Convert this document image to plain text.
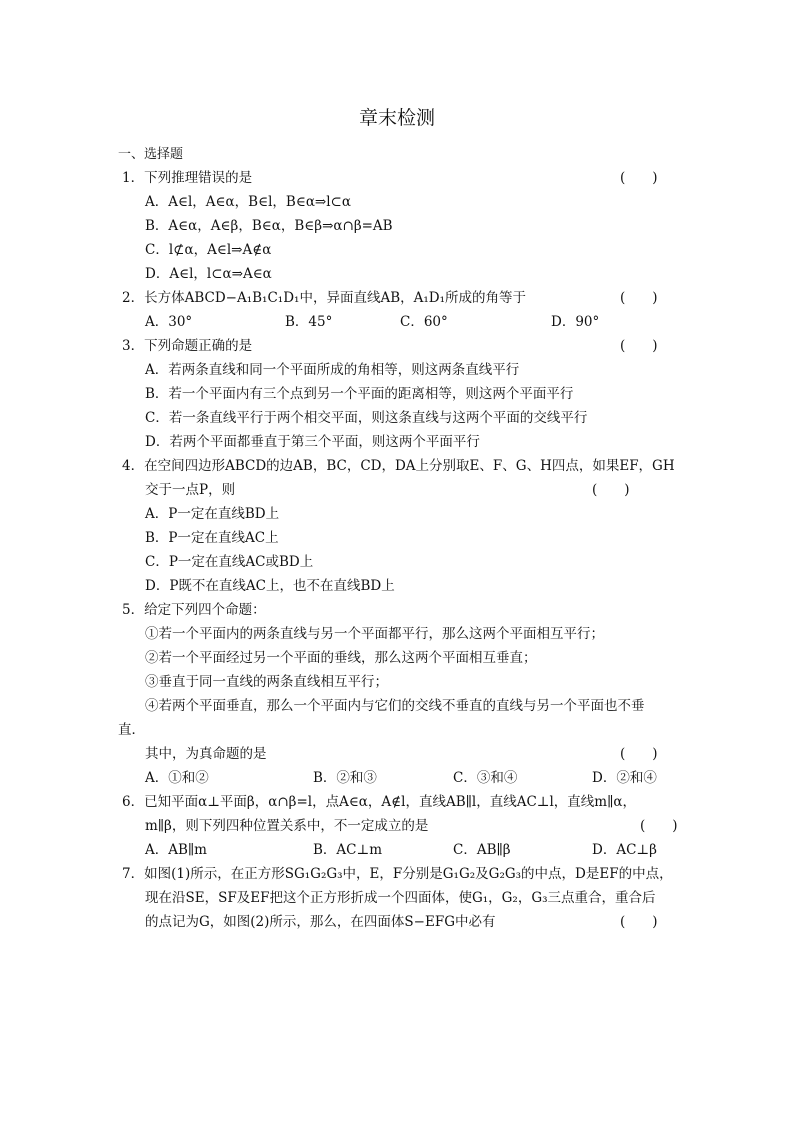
章末检测
一、选择题
1．下列推理错误的是	(　　)
A．A∈l，A∈α，B∈l，B∈α⇒l⊂α
B．A∈α，A∈β，B∈α，B∈β⇒α∩β=AB
C．l⊄α，A∈l⇒A∉α
D．A∈l，l⊂α⇒A∈α
2．长方体ABCD−A₁B₁C₁D₁中，异面直线AB，A₁D₁所成的角等于	(　　)
A．30°	B．45°	C．60°	D．90°
3．下列命题正确的是	(　　)
A．若两条直线和同一个平面所成的角相等，则这两条直线平行
B．若一个平面内有三个点到另一个平面的距离相等，则这两个平面平行
C．若一条直线平行于两个相交平面，则这条直线与这两个平面的交线平行
D．若两个平面都垂直于第三个平面，则这两个平面平行
4．在空间四边形ABCD的边AB，BC，CD，DA上分别取E、F、G、H四点，如果EF，GH
交于一点P，则	(　　)
A．P一定在直线BD上
B．P一定在直线AC上
C．P一定在直线AC或BD上
D．P既不在直线AC上，也不在直线BD上
5．给定下列四个命题：
①若一个平面内的两条直线与另一个平面都平行，那么这两个平面相互平行；
②若一个平面经过另一个平面的垂线，那么这两个平面相互垂直；
③垂直于同一直线的两条直线相互平行；
④若两个平面垂直，那么一个平面内与它们的交线不垂直的直线与另一个平面也不垂
直．
其中，为真命题的是	(　　)
A．①和②	B．②和③	C．③和④	D．②和④
6．已知平面α⊥平面β，α∩β=l，点A∈α，A∉l，直线AB∥l，直线AC⊥l，直线m∥α，
m∥β，则下列四种位置关系中，不一定成立的是	(　　)
A．AB∥m	B．AC⊥m	C．AB∥β	D．AC⊥β
7．如图(1)所示，在正方形SG₁G₂G₃中，E，F分别是G₁G₂及G₂G₃的中点，D是EF的中点，
现在沿SE，SF及EF把这个正方形折成一个四面体，使G₁，G₂，G₃三点重合，重合后
的点记为G，如图(2)所示，那么，在四面体S−EFG中必有	(　　)
